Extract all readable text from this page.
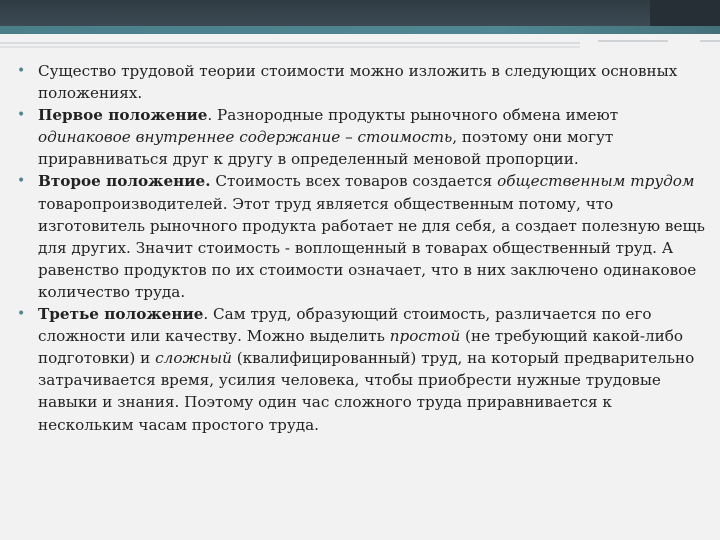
• Существо трудовой теории стоимости можно изложить в следующих основных положениях.
• Первое положение. Разнородные продукты рыночного обмена имеют одинаковое внутреннее содержание – стоимость, поэтому они могут приравниваться друг к другу в определенный меновой пропорции.
• Второе положение. Стоимость всех товаров создается общественным трудом товаропроизводителей. Этот труд является общественным потому, что изготовитель рыночного продукта работает не для себя, а создает полезную вещь для других. Значит стоимость - воплощенный в товарах общественный труд. А равенство продуктов по их стоимости означает, что в них заключено одинаковое количество труда.
• Третье положение. Сам труд, образующий стоимость, различается по его сложности или качеству. Можно выделить простой (не требующий какой-либо подготовки) и сложный (квалифицированный) труд, на который предварительно затрачивается время, усилия человека, чтобы приобрести нужные трудовые навыки и знания. Поэтому один час сложного труда приравнивается к нескольким часам простого труда.
